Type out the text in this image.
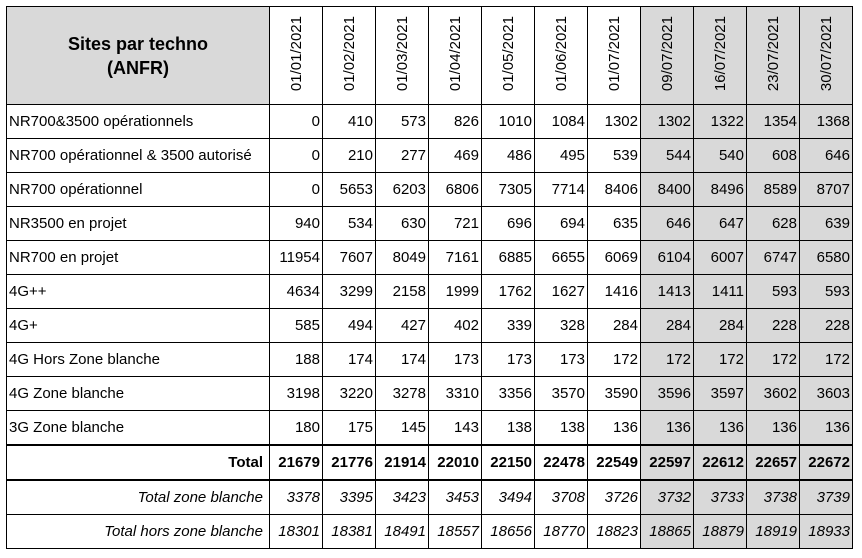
Sites par techno
(ANFR)	01/01/2021	01/02/2021	01/03/2021	01/04/2021	01/05/2021	01/06/2021	01/07/2021	09/07/2021	16/07/2021	23/07/2021	30/07/2021
NR700&3500 opérationnels	0	410	573	826	1010	1084	1302	1302	1322	1354	1368
NR700 opérationnel & 3500 autorisé	0	210	277	469	486	495	539	544	540	608	646
NR700 opérationnel	0	5653	6203	6806	7305	7714	8406	8400	8496	8589	8707
NR3500 en projet	940	534	630	721	696	694	635	646	647	628	639
NR700 en projet	11954	7607	8049	7161	6885	6655	6069	6104	6007	6747	6580
4G++	4634	3299	2158	1999	1762	1627	1416	1413	1411	593	593
4G+	585	494	427	402	339	328	284	284	284	228	228
4G Hors Zone blanche	188	174	174	173	173	173	172	172	172	172	172
4G Zone blanche	3198	3220	3278	3310	3356	3570	3590	3596	3597	3602	3603
3G Zone blanche	180	175	145	143	138	138	136	136	136	136	136
Total	21679	21776	21914	22010	22150	22478	22549	22597	22612	22657	22672
Total zone blanche	3378	3395	3423	3453	3494	3708	3726	3732	3733	3738	3739
Total hors zone blanche	18301	18381	18491	18557	18656	18770	18823	18865	18879	18919	18933
